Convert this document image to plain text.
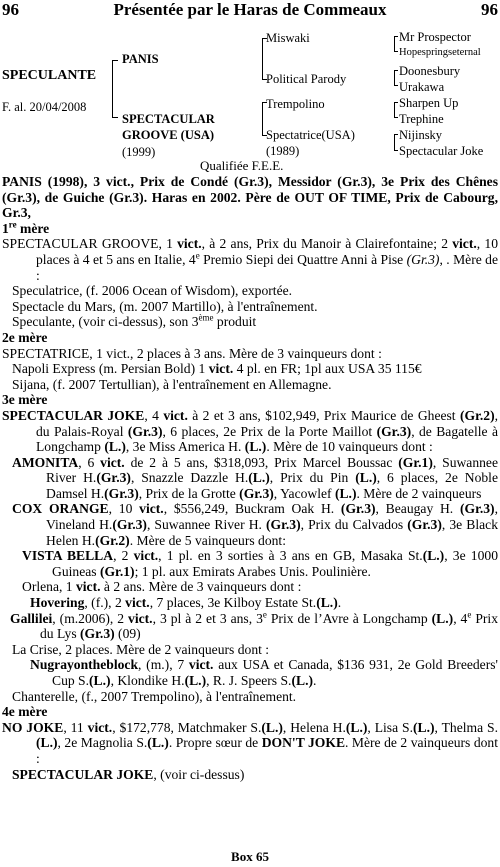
96	Présentée par le Haras de Commeaux	96
SPECULANTE
F. al. 20/04/2008
PANIS
SPECTACULAR
GROOVE (USA)
(1999)
Miswaki
Political Parody
Trempolino
Spectatrice(USA)
(1989)
Mr Prospector
Hopespringseternal
Doonesbury
Urakawa
Sharpen Up
Trephine
Nijinsky
Spectacular Joke
Qualifiée F.E.E.

PANIS (1998), 3 vict., Prix de Condé (Gr.3), Messidor (Gr.3), 3e Prix des Chênes (Gr.3), de Guiche (Gr.3). Haras en 2002. Père de OUT OF TIME, Prix de Cabourg, Gr.3,

1re mère

SPECTACULAR GROOVE, 1 vict., à 2 ans, Prix du Manoir à Clairefontaine; 2 vict., 10 places à 4 et 5 ans en Italie, 4e Premio Siepi dei Quattre Anni à Pise (Gr.3), . Mère de :

Speculatrice, (f. 2006 Ocean of Wisdom), exportée.

Spectacle du Mars, (m. 2007 Martillo), à l'entraînement.

Speculante, (voir ci-dessus), son 3ème produit

2e mère

SPECTATRICE, 1 vict., 2 places à 3 ans. Mère de 3 vainqueurs dont :

Napoli Express (m. Persian Bold) 1 vict. 4 pl. en FR; 1pl aux USA 35 115€

Sijana, (f. 2007 Tertullian), à l'entraînement en Allemagne.

3e mère

SPECTACULAR JOKE, 4 vict. à 2 et 3 ans, $102,949, Prix Maurice de Gheest (Gr.2), du Palais-Royal (Gr.3), 6 places, 2e Prix de la Porte Maillot (Gr.3), de Bagatelle à Longchamp (L.), 3e Miss America H. (L.). Mère de 10 vainqueurs dont :

AMONITA, 6 vict. de 2 à 5 ans, $318,093, Prix Marcel Boussac (Gr.1), Suwannee River H.(Gr.3), Snazzle Dazzle H.(L.), Prix du Pin (L.), 6 places, 2e Noble Damsel H.(Gr.3), Prix de la Grotte (Gr.3), Yacowlef (L.). Mère de 2 vainqueurs

COX ORANGE, 10 vict., $556,249, Buckram Oak H. (Gr.3), Beaugay H. (Gr.3), Vineland H.(Gr.3), Suwannee River H. (Gr.3), Prix du Calvados (Gr.3), 3e Black Helen H.(Gr.2). Mère de 5 vainqueurs dont:

VISTA BELLA, 2 vict., 1 pl. en 3 sorties à 3 ans en GB, Masaka St.(L.), 3e 1000 Guineas (Gr.1); 1 pl. aux Emirats Arabes Unis. Poulinière.

Orlena, 1 vict. à 2 ans. Mère de 3 vainqueurs dont :

Hovering, (f.), 2 vict., 7 places, 3e Kilboy Estate St.(L.).

Gallilei, (m.2006), 2 vict., 3 pl à 2 et 3 ans, 3e Prix de l’Avre à Longchamp (L.), 4e Prix du Lys (Gr.3) (09)

La Crise, 2 places. Mère de 2 vainqueurs dont :

Nugrayontheblock, (m.), 7 vict. aux USA et Canada, $136 931, 2e Gold Breeders' Cup S.(L.), Klondike H.(L.), R. J. Speers S.(L.).

Chanterelle, (f., 2007 Trempolino), à l'entraînement.

4e mère

NO JOKE, 11 vict., $172,778, Matchmaker S.(L.), Helena H.(L.), Lisa S.(L.), Thelma S.(L.), 2e Magnolia S.(L.). Propre sœur de DON'T JOKE. Mère de 2 vainqueurs dont :

SPECTACULAR JOKE, (voir ci-dessus)

Box 65
